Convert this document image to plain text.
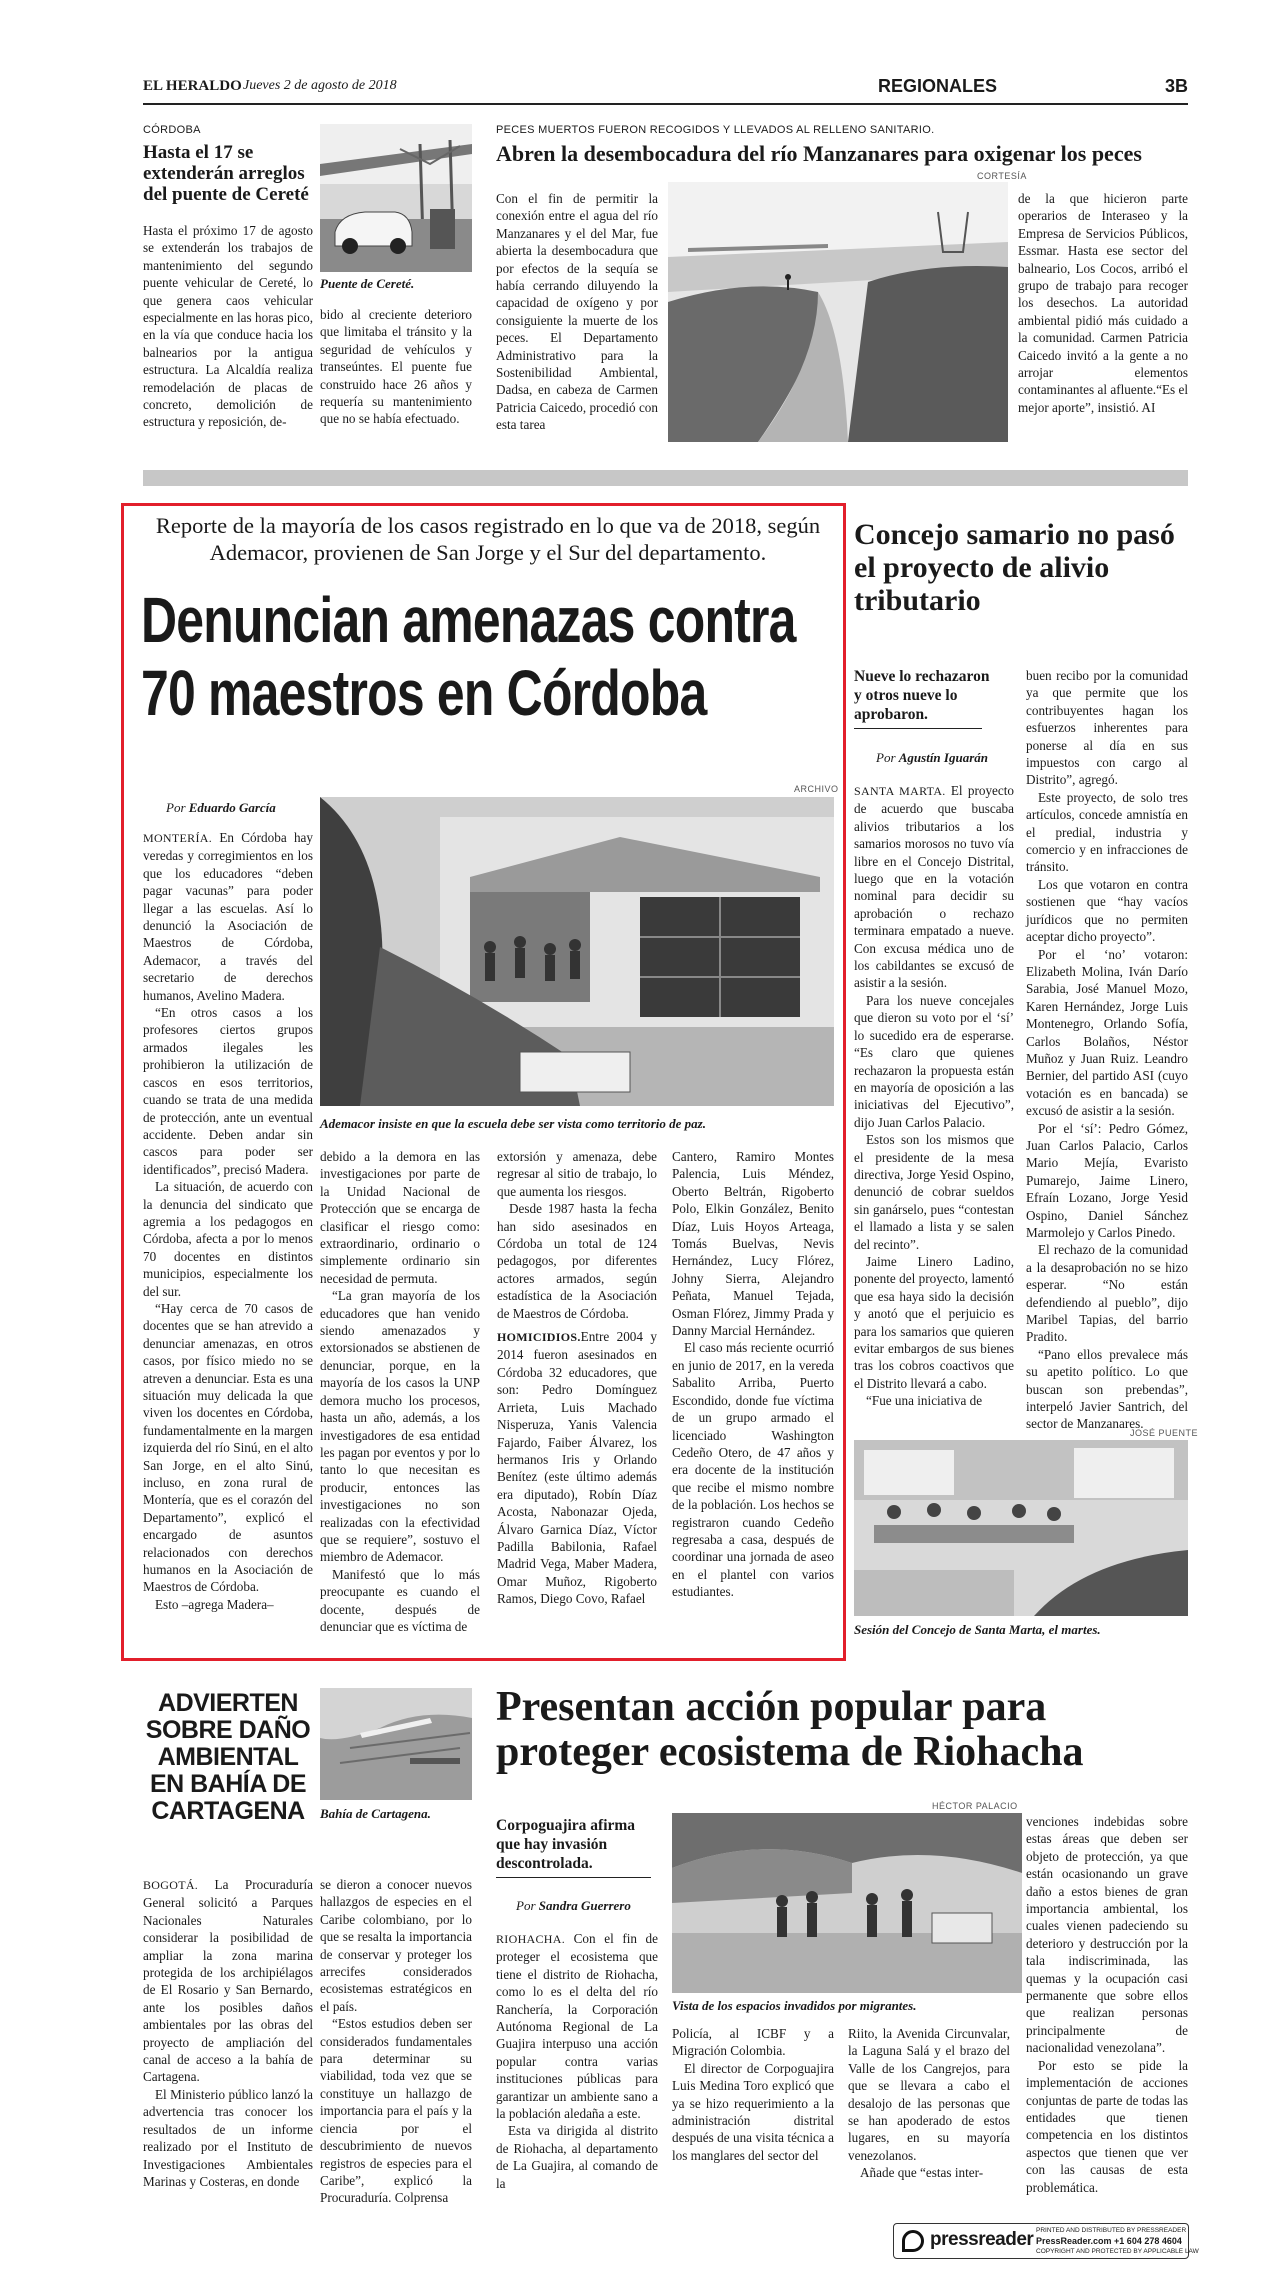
EL HERALDO Jueves 2 de agosto de 2018	REGIONALES	3B
CÓRDOBA
Hasta el 17 se extenderán arreglos del puente de Cereté
Puente de Cereté.

Hasta el próximo 17 de agosto se extenderán los trabajos de mantenimiento del segundo puente vehicular de Cereté, lo que genera caos vehicular especialmente en las horas pico, en la vía que conduce hacia los balnearios por la antigua estructura. La Alcaldía realiza remodelación de placas de concreto, demolición de estructura y reposición, de-

bido al creciente deterioro que limitaba el tránsito y la seguridad de vehículos y transeúntes. El puente fue construido hace 26 años y requería su mantenimiento que no se había efectuado.

PECES MUERTOS FUERON RECOGIDOS Y LLEVADOS AL RELLENO SANITARIO.
Abren la desembocadura del río Manzanares para oxigenar los peces
CORTESÍA

Con el fin de permitir la conexión entre el agua del río Manzanares y el del Mar, fue abierta la desembocadura que por efectos de la sequía se había cerrando diluyendo la capacidad de oxígeno y por consiguiente la muerte de los peces. El Departamento Administrativo para la Sostenibilidad Ambiental, Dadsa, en cabeza de Carmen Patricia Caicedo, procedió con esta tarea

de la que hicieron parte operarios de Interaseo y la Empresa de Servicios Públicos, Essmar. Hasta ese sector del balneario, Los Cocos, arribó el grupo de trabajo para recoger los desechos. La autoridad ambiental pidió más cuidado a la comunidad. Carmen Patricia Caicedo invitó a la gente a no arrojar elementos contaminantes al afluente.“Es el mejor aporte”, insistió. AI

Reporte de la mayoría de los casos registrado en lo que va de 2018, según Ademacor, provienen de San Jorge y el Sur del departamento.
Denuncian amenazas contra
70 maestros en Córdoba
Por Eduardo García
ARCHIVO
Ademacor insiste en que la escuela debe ser vista como territorio de paz.

MONTERÍA. En Córdoba hay veredas y corregimientos en los que los educadores “deben pagar vacunas” para poder llegar a las escuelas. Así lo denunció la Asociación de Maestros de Córdoba, Ademacor, a través del secretario de derechos humanos, Avelino Madera.

“En otros casos a los profesores ciertos grupos armados ilegales les prohibieron la utilización de cascos en esos territorios, cuando se trata de una medida de protección, ante un eventual accidente. Deben andar sin cascos para poder ser identificados”, precisó Madera.

La situación, de acuerdo con la denuncia del sindicato que agremia a los pedagogos en Córdoba, afecta a por lo menos 70 docentes en distintos municipios, especialmente los del sur.

“Hay cerca de 70 casos de docentes que se han atrevido a denunciar amenazas, en otros casos, por físico miedo no se atreven a denunciar. Esta es una situación muy delicada la que viven los docentes en Córdoba, fundamentalmente en la margen izquierda del río Sinú, en el alto San Jorge, en el alto Sinú, incluso, en zona rural de Montería, que es el corazón del Departamento”, explicó el encargado de asuntos relacionados con derechos humanos en la Asociación de Maestros de Córdoba.

Esto –agrega Madera–

debido a la demora en las investigaciones por parte de la Unidad Nacional de Protección que se encarga de clasificar el riesgo como: extraordinario, ordinario o simplemente ordinario sin necesidad de permuta.

“La gran mayoría de los educadores que han venido siendo amenazados y extorsionados se abstienen de denunciar, porque, en la mayoría de los casos la UNP demora mucho los procesos, hasta un año, además, a los investigadores de esa entidad les pagan por eventos y por lo tanto lo que necesitan es producir, entonces las investigaciones no son realizadas con la efectividad que se requiere”, sostuvo el miembro de Ademacor.

Manifestó que lo más preocupante es cuando el docente, después de denunciar que es víctima de

extorsión y amenaza, debe regresar al sitio de trabajo, lo que aumenta los riesgos.

Desde 1987 hasta la fecha han sido asesinados en Córdoba un total de 124 pedagogos, por diferentes actores armados, según estadística de la Asociación de Maestros de Córdoba.

HOMICIDIOS.Entre 2004 y 2014 fueron asesinados en Córdoba 32 educadores, que son: Pedro Domínguez Arrieta, Luis Machado Nisperuza, Yanis Valencia Fajardo, Faiber Álvarez, los hermanos Iris y Orlando Benítez (este último además era diputado), Robín Díaz Acosta, Nabonazar Ojeda, Álvaro Garnica Díaz, Víctor Padilla Babilonia, Rafael Madrid Vega, Maber Madera, Omar Muñoz, Rigoberto Ramos, Diego Covo, Rafael

Cantero, Ramiro Montes Palencia, Luis Méndez, Oberto Beltrán, Rigoberto Polo, Elkin González, Benito Díaz, Luis Hoyos Arteaga, Tomás Buelvas, Nevis Hernández, Lucy Flórez, Johny Sierra, Alejandro Peñata, Manuel Tejada, Osman Flórez, Jimmy Prada y Danny Marcial Hernández.

El caso más reciente ocurrió en junio de 2017, en la vereda Sabalito Arriba, Puerto Escondido, donde fue víctima de un grupo armado el licenciado Washington Cedeño Otero, de 47 años y era docente de la institución que recibe el mismo nombre de la población. Los hechos se registraron cuando Cedeño regresaba a casa, después de coordinar una jornada de aseo en el plantel con varios estudiantes.

Concejo samario no pasó el proyecto de alivio tributario
Nueve lo rechazaron y otros nueve lo aprobaron.
Por Agustín Iguarán

SANTA MARTA. El proyecto de acuerdo que buscaba alivios tributarios a los samarios morosos no tuvo vía libre en el Concejo Distrital, luego que en la votación nominal para decidir su aprobación o rechazo terminara empatado a nueve. Con excusa médica uno de los cabildantes se excusó de asistir a la sesión.

Para los nueve concejales que dieron su voto por el ‘sí’ lo sucedido era de esperarse. “Es claro que quienes rechazaron la propuesta están en mayoría de oposición a las iniciativas del Ejecutivo”, dijo Juan Carlos Palacio.

Estos son los mismos que el presidente de la mesa directiva, Jorge Yesid Ospino, denunció de cobrar sueldos sin ganárselo, pues “contestan el llamado a lista y se salen del recinto”.

Jaime Linero Ladino, ponente del proyecto, lamentó que esa haya sido la decisión y anotó que el perjuicio es para los samarios que quieren evitar embargos de sus bienes tras los cobros coactivos que el Distrito llevará a cabo.

“Fue una iniciativa de

buen recibo por la comunidad ya que permite que los contribuyentes hagan los esfuerzos inherentes para ponerse al día en sus impuestos con cargo al Distrito”, agregó.

Este proyecto, de solo tres artículos, concede amnistía en el predial, industria y comercio y en infracciones de tránsito.

Los que votaron en contra sostienen que “hay vacíos jurídicos que no permiten aceptar dicho proyecto”.

Por el ‘no’ votaron: Elizabeth Molina, Iván Darío Sarabia, José Manuel Mozo, Karen Hernández, Jorge Luis Montenegro, Orlando Sofía, Carlos Bolaños, Néstor Muñoz y Juan Ruiz. Leandro Bernier, del partido ASI (cuyo votación es en bancada) se excusó de asistir a la sesión.

Por el ‘sí’: Pedro Gómez, Juan Carlos Palacio, Carlos Mario Mejía, Evaristo Pumarejo, Jaime Linero, Efraín Lozano, Jorge Yesid Ospino, Daniel Sánchez Marmolejo y Carlos Pinedo.

El rechazo de la comunidad a la desaprobación no se hizo esperar. “No están defendiendo al pueblo”, dijo Maribel Tapias, del barrio Pradito.

“Pano ellos prevalece más su apetito político. Lo que buscan son prebendas”, interpeló Javier Santrich, del sector de Manzanares.

JOSÉ PUENTE
Sesión del Concejo de Santa Marta, el martes.
ADVIERTEN SOBRE DAÑO AMBIENTAL EN BAHÍA DE CARTAGENA	Bahía de Cartagena.

BOGOTÁ. La Procuraduría General solicitó a Parques Nacionales Naturales considerar la posibilidad de ampliar la zona marina protegida de los archipiélagos de El Rosario y San Bernardo, ante los posibles daños ambientales por las obras del proyecto de ampliación del canal de acceso a la bahía de Cartagena.

El Ministerio público lanzó la advertencia tras conocer los resultados de un informe realizado por el Instituto de Investigaciones Ambientales Marinas y Costeras, en donde

se dieron a conocer nuevos hallazgos de especies en el Caribe colombiano, por lo que se resalta la importancia de conservar y proteger los arrecifes considerados ecosistemas estratégicos en el país.

“Estos estudios deben ser considerados fundamentales para determinar su viabilidad, toda vez que se constituye un hallazgo de importancia para el país y la ciencia por el descubrimiento de nuevos registros de especies para el Caribe”, explicó la Procuraduría. Colprensa

Presentan acción popular para proteger ecosistema de Riohacha
Corpoguajira afirma que hay invasión descontrolada.
Por Sandra Guerrero
HÉCTOR PALACIO
Vista de los espacios invadidos por migrantes.

RIOHACHA. Con el fin de proteger el ecosistema que tiene el distrito de Riohacha, como lo es el delta del río Ranchería, la Corporación Autónoma Regional de La Guajira interpuso una acción popular contra varias instituciones públicas para garantizar un ambiente sano a la población aledaña a este.

Esta va dirigida al distrito de Riohacha, al departamento de La Guajira, al comando de la

Policía, al ICBF y a Migración Colombia.

El director de Corpoguajira Luis Medina Toro explicó que ya se hizo requerimiento a la administración distrital después de una visita técnica a los manglares del sector del

Riito, la Avenida Circunvalar, la Laguna Salá y el brazo del Valle de los Cangrejos, para que se llevara a cabo el desalojo de las personas que se han apoderado de estos lugares, en su mayoría venezolanos.

Añade que “estas inter-

venciones indebidas sobre estas áreas que deben ser objeto de protección, ya que están ocasionando un grave daño a estos bienes de gran importancia ambiental, los cuales vienen padeciendo su deterioro y destrucción por la tala indiscriminada, las quemas y la ocupación casi permanente que sobre ellos que realizan personas principalmente de nacionalidad venezolana”.

Por esto se pide la implementación de acciones conjuntas de parte de todas las entidades que tienen competencia en los distintos aspectos que tienen que ver con las causas de esta problemática.

pressreader PRINTED AND DISTRIBUTED BY PRESSREADER
PressReader.com +1 604 278 4604
COPYRIGHT AND PROTECTED BY APPLICABLE LAW
